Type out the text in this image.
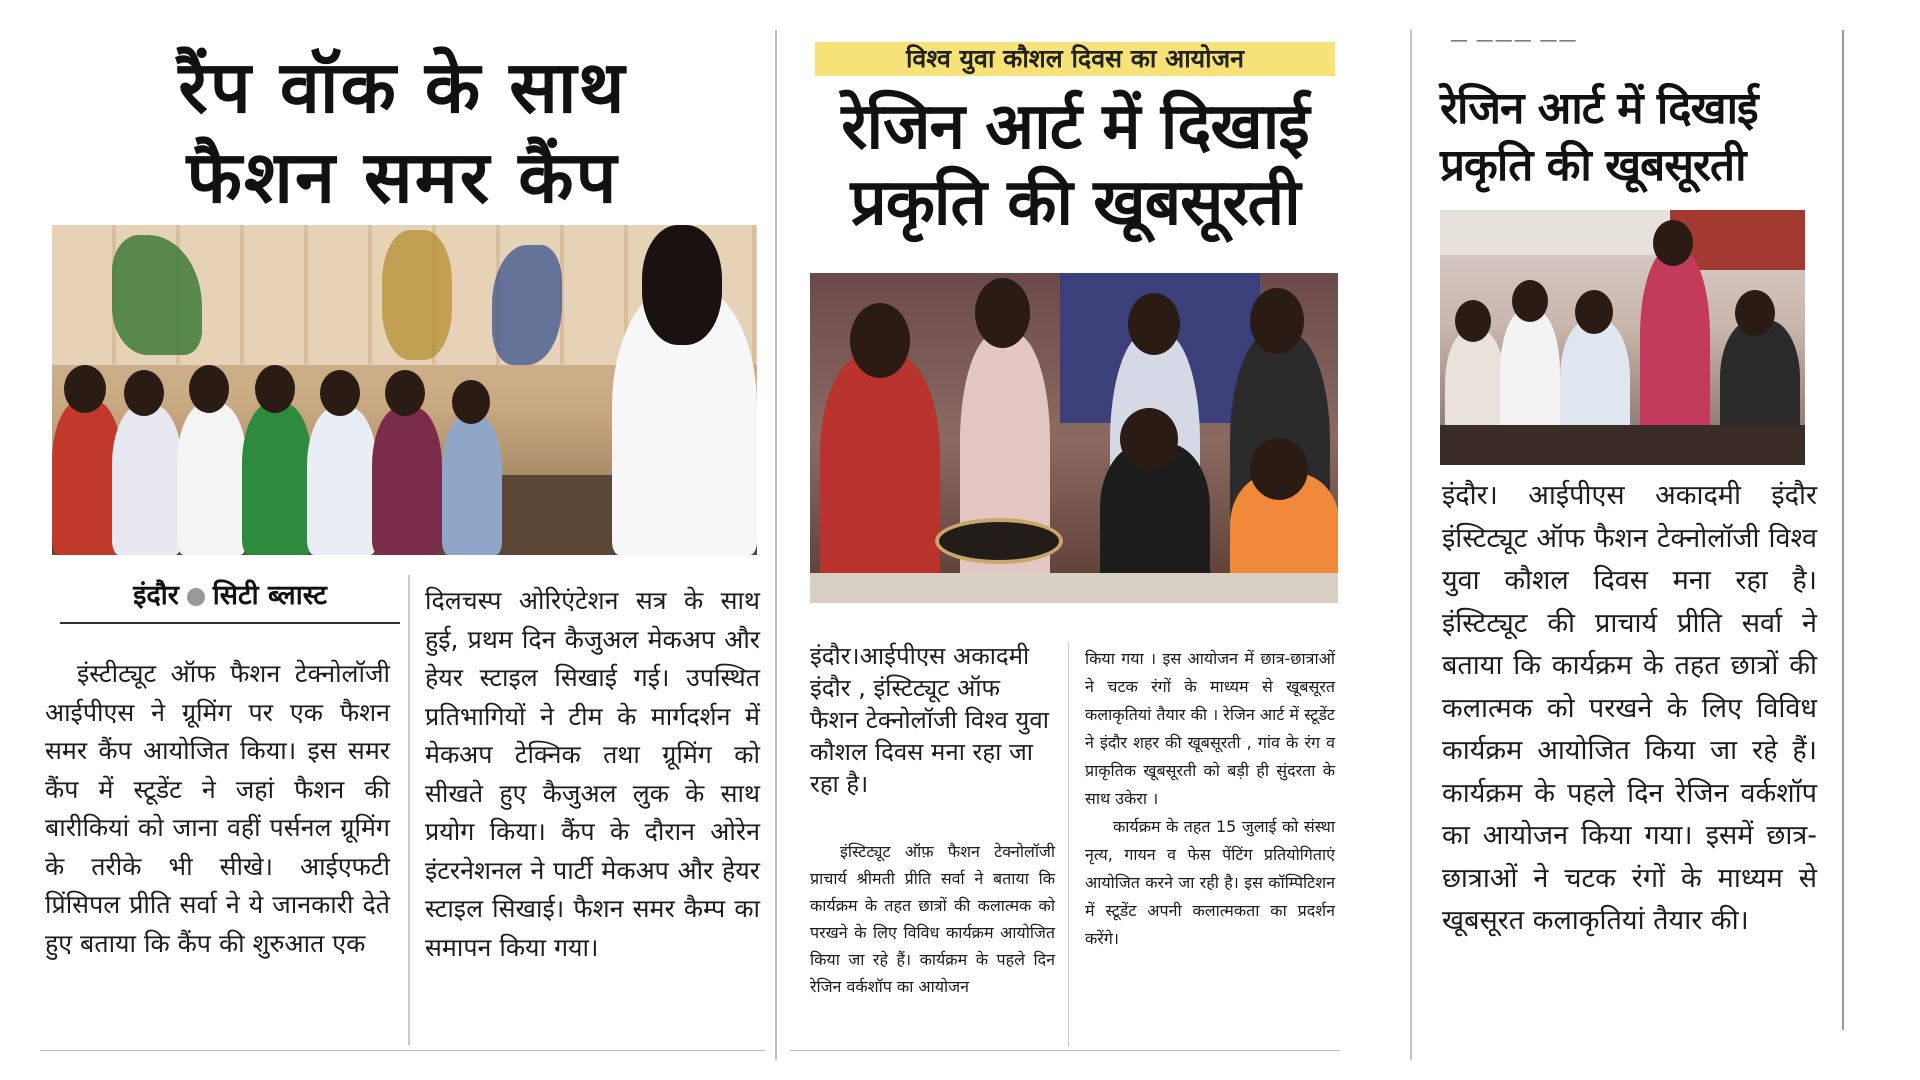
रैंप वॉक के साथ
फैशन समर कैंप
इंदौर सिटी ब्लास्ट
इंस्टीट्यूट ऑफ फैशन टेक्नोलॉजी आईपीएस ने ग्रूमिंग पर एक फैशन समर कैंप आयोजित किया। इस समर कैंप में स्टूडेंट ने जहां फैशन की बारीकियां को जाना वहीं पर्सनल ग्रूमिंग के तरीके भी सीखे। आईएफटी प्रिंसिपल प्रीति सर्वा ने ये जानकारी देते हुए बताया कि कैंप की शुरुआत एक
दिलचस्प ओरिएंटेशन सत्र के साथ हुई, प्रथम दिन कैजुअल मेकअप और हेयर स्टाइल सिखाई गई। उपस्थित प्रतिभागियों ने टीम के मार्गदर्शन में मेकअप टेक्निक तथा ग्रूमिंग को सीखते हुए कैजुअल लुक के साथ प्रयोग किया। कैंप के दौरान ओरेन इंटरनेशनल ने पार्टी मेकअप और हेयर स्टाइल सिखाई। फैशन समर कैम्प का समापन किया गया।
विश्व युवा कौशल दिवस का आयोजन
रेजिन आर्ट में दिखाई
प्रकृति की खूबसूरती
इंदौर।आईपीएस अकादमी इंदौर , इंस्टिट्यूट ऑफ फैशन टेक्नोलॉजी विश्व युवा कौशल दिवस मना रहा जा रहा है।
इंस्टिट्यूट ऑफ़ फैशन टेक्नोलॉजी प्राचार्य श्रीमती प्रीति सर्वा ने बताया कि कार्यक्रम के तहत छात्रों की कलात्मक को परखने के लिए विविध कार्यक्रम आयोजित किया जा रहे हैं। कार्यक्रम के पहले दिन रेजिन वर्कशॉप का आयोजन
किया गया । इस आयोजन में छात्र-छात्राओं ने चटक रंगों के माध्यम से खूबसूरत कलाकृतियां तैयार की । रेजिन आर्ट में स्टूडेंट ने इंदौर शहर की खूबसूरती , गांव के रंग व प्राकृतिक खूबसूरती को बड़ी ही सुंदरता के साथ उकेरा ।
कार्यक्रम के तहत 15 जुलाई को संस्था नृत्य, गायन व फेस पेंटिंग प्रतियोगिताएं आयोजित करने जा रही है। इस कॉम्पिटिशन में स्टूडेंट अपनी कलात्मकता का प्रदर्शन करेंगे।
— ——— ——
रेजिन आर्ट में दिखाई
प्रकृति की खूबसूरती
इंदौर। आईपीएस अकादमी इंदौर इंस्टिट्यूट ऑफ फैशन टेक्नोलॉजी विश्व युवा कौशल दिवस मना रहा है। इंस्टिट्यूट की प्राचार्य प्रीति सर्वा ने बताया कि कार्यक्रम के तहत छात्रों की कलात्मक को परखने के लिए विविध कार्यक्रम आयोजित किया जा रहे हैं। कार्यक्रम के पहले दिन रेजिन वर्कशॉप का आयोजन किया गया। इसमें छात्र-छात्राओं ने चटक रंगों के माध्यम से खूबसूरत कलाकृतियां तैयार की।
